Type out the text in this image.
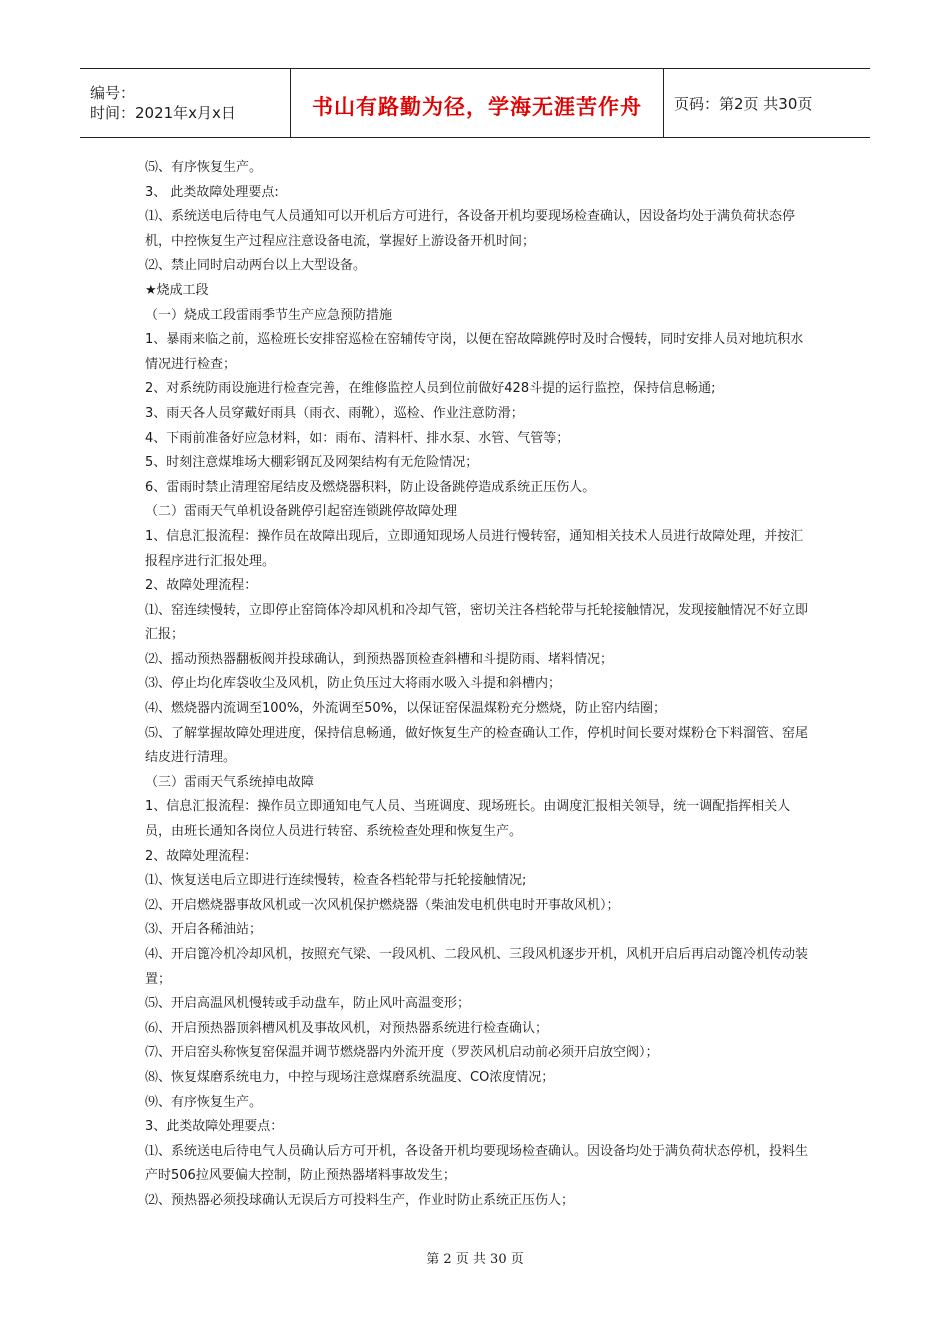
编号：
时间：2021年x月x日	书山有路勤为径，学海无涯苦作舟	页码：第2页 共30页

⑸、有序恢复生产。

3、 此类故障处理要点:

⑴、系统送电后待电气人员通知可以开机后方可进行，各设备开机均要现场检查确认，因设备均处于满负荷状态停机，中控恢复生产过程应注意设备电流，掌握好上游设备开机时间；

⑵、禁止同时启动两台以上大型设备。

★烧成工段

（一）烧成工段雷雨季节生产应急预防措施

1、暴雨来临之前，巡检班长安排窑巡检在窑辅传守岗，以便在窑故障跳停时及时合慢转，同时安排人员对地坑积水情况进行检查；

2、对系统防雨设施进行检查完善，在维修监控人员到位前做好428斗提的运行监控，保持信息畅通;

3、雨天各人员穿戴好雨具（雨衣、雨靴），巡检、作业注意防滑；

4、下雨前准备好应急材料，如：雨布、清料杆、排水泵、水管、气管等；

5、时刻注意煤堆场大棚彩钢瓦及网架结构有无危险情况；

6、雷雨时禁止清理窑尾结皮及燃烧器积料，防止设备跳停造成系统正压伤人。

（二）雷雨天气单机设备跳停引起窑连锁跳停故障处理

1、信息汇报流程：操作员在故障出现后，立即通知现场人员进行慢转窑，通知相关技术人员进行故障处理，并按汇报程序进行汇报处理。

2、故障处理流程：

⑴、窑连续慢转，立即停止窑筒体冷却风机和冷却气管，密切关注各档轮带与托轮接触情况，发现接触情况不好立即汇报；

⑵、摇动预热器翻板阀并投球确认，到预热器顶检查斜槽和斗提防雨、堵料情况；

⑶、停止均化库袋收尘及风机，防止负压过大将雨水吸入斗提和斜槽内；

⑷、燃烧器内流调至100%，外流调至50%，以保证窑保温煤粉充分燃烧，防止窑内结圈；

⑸、了解掌握故障处理进度，保持信息畅通，做好恢复生产的检查确认工作，停机时间长要对煤粉仓下料溜管、窑尾结皮进行清理。

（三）雷雨天气系统掉电故障

1、信息汇报流程：操作员立即通知电气人员、当班调度、现场班长。由调度汇报相关领导，统一调配指挥相关人员，由班长通知各岗位人员进行转窑、系统检查处理和恢复生产。

2、故障处理流程：

⑴、恢复送电后立即进行连续慢转，检查各档轮带与托轮接触情况;

⑵、开启燃烧器事故风机或一次风机保护燃烧器（柴油发电机供电时开事故风机）；

⑶、开启各稀油站；

⑷、开启篦冷机冷却风机，按照充气梁、一段风机、二段风机、三段风机逐步开机，风机开启后再启动篦冷机传动装置；

⑸、开启高温风机慢转或手动盘车，防止风叶高温变形；

⑹、开启预热器顶斜槽风机及事故风机，对预热器系统进行检查确认；

⑺、开启窑头称恢复窑保温并调节燃烧器内外流开度（罗茨风机启动前必须开启放空阀）；

⑻、恢复煤磨系统电力，中控与现场注意煤磨系统温度、CO浓度情况；

⑼、有序恢复生产。

3、此类故障处理要点：

⑴、系统送电后待电气人员确认后方可开机，各设备开机均要现场检查确认。因设备均处于满负荷状态停机，投料生产时506拉风要偏大控制，防止预热器堵料事故发生；

⑵、预热器必须投球确认无误后方可投料生产，作业时防止系统正压伤人；

第 2 页 共 30 页
